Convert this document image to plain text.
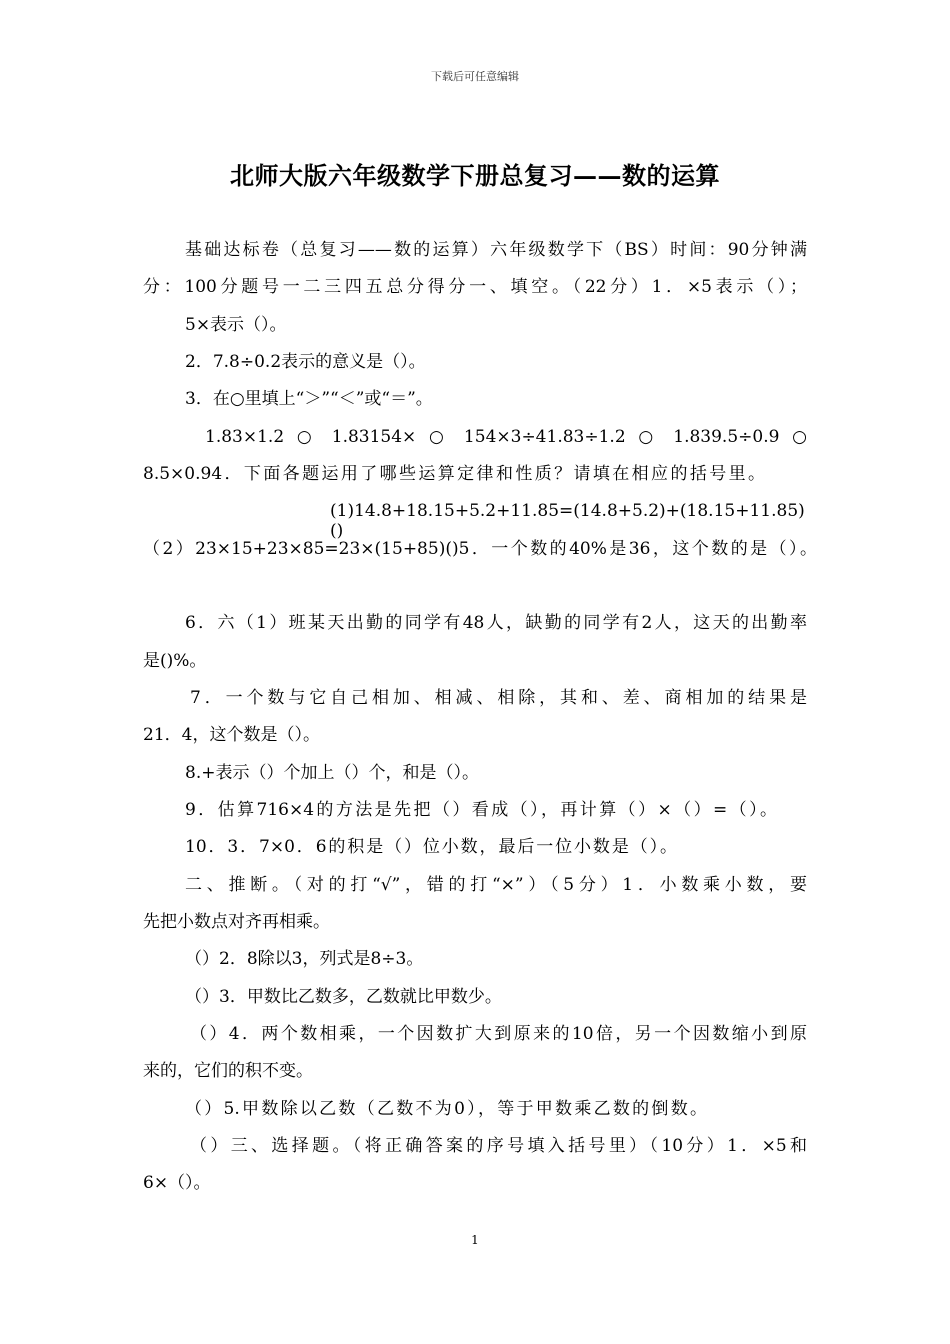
下载后可任意编辑
北师大版六年级数学下册总复习——数的运算
基础达标卷（总复习——数的运算）六年级数学下（BS）时间：90分钟满
分：100分题号一二三四五总分得分一、填空。（22分）1．×5表示（）；
5×表示（）。
2．7.8÷0.2表示的意义是（）。
3．在○里填上“＞”“＜”或“＝”。
1.83×1.2 ○ 1.83154× ○ 154×3÷41.83÷1.2 ○ 1.839.5÷0.9 ○
8.5×0.94．下面各题运用了哪些运算定律和性质？请填在相应的括号里。
(1)14.8+18.15+5.2+11.85=(14.8+5.2)+(18.15+11.85)()
（2）23×15+23×85=23×(15+85)()5．一个数的40%是36，这个数的是（）。
6．六（1）班某天出勤的同学有48人，缺勤的同学有2人，这天的出勤率
是()%。
7．一个数与它自己相加、相减、相除，其和、差、商相加的结果是
21．4，这个数是（）。
8.+表示（）个加上（）个，和是（）。
9．估算716×4的方法是先把（）看成（），再计算（）×（）=（）。
10．3．7×0．6的积是（）位小数，最后一位小数是（）。
二、推断。（对的打“√”，错的打“×”）（5分）1．小数乘小数，要
先把小数点对齐再相乘。
（）2．8除以3，列式是8÷3。
（）3．甲数比乙数多，乙数就比甲数少。
（）4．两个数相乘，一个因数扩大到原来的10倍，另一个因数缩小到原
来的，它们的积不变。
（）5.甲数除以乙数（乙数不为0），等于甲数乘乙数的倒数。
（）三、选择题。（将正确答案的序号填入括号里）（10分）1．×5和
6×（）。
1
